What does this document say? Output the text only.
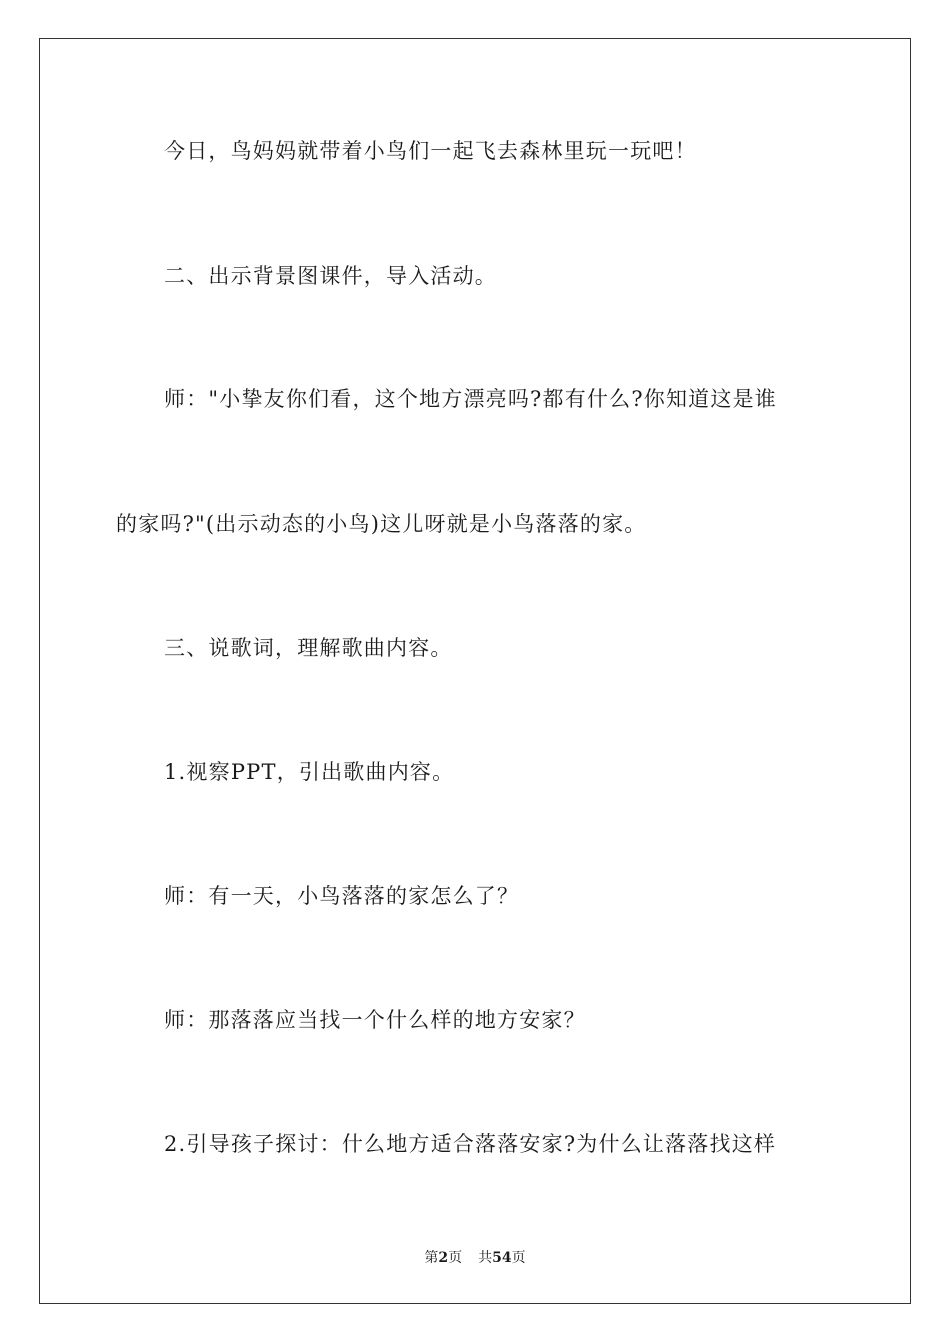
今日，鸟妈妈就带着小鸟们一起飞去森林里玩一玩吧！
二、出示背景图课件，导入活动。
师："小挚友你们看，这个地方漂亮吗?都有什么?你知道这是谁
的家吗?"(出示动态的小鸟)这儿呀就是小鸟落落的家。
三、说歌词，理解歌曲内容。
1.视察PPT，引出歌曲内容。
师：有一天，小鸟落落的家怎么了？
师：那落落应当找一个什么样的地方安家？
2.引导孩子探讨：什么地方适合落落安家?为什么让落落找这样
第2页 共54页
